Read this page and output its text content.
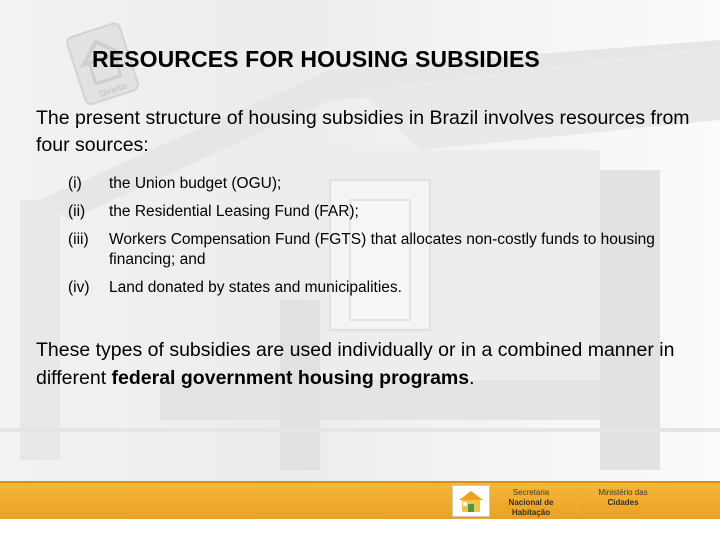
Direito
RESOURCES FOR HOUSING SUBSIDIES
The present structure of housing subsidies in Brazil involves resources from four sources:
(i)	the Union budget (OGU);
(ii)	the Residential Leasing Fund (FAR);
(iii)	Workers Compensation Fund (FGTS) that allocates non-costly funds to housing financing; and
(iv)	Land donated by states and municipalities.
These types of subsidies are used individually or in a combined manner in different federal government housing programs.
Secretaria
Nacional de Habitação
Ministério das
Cidades
